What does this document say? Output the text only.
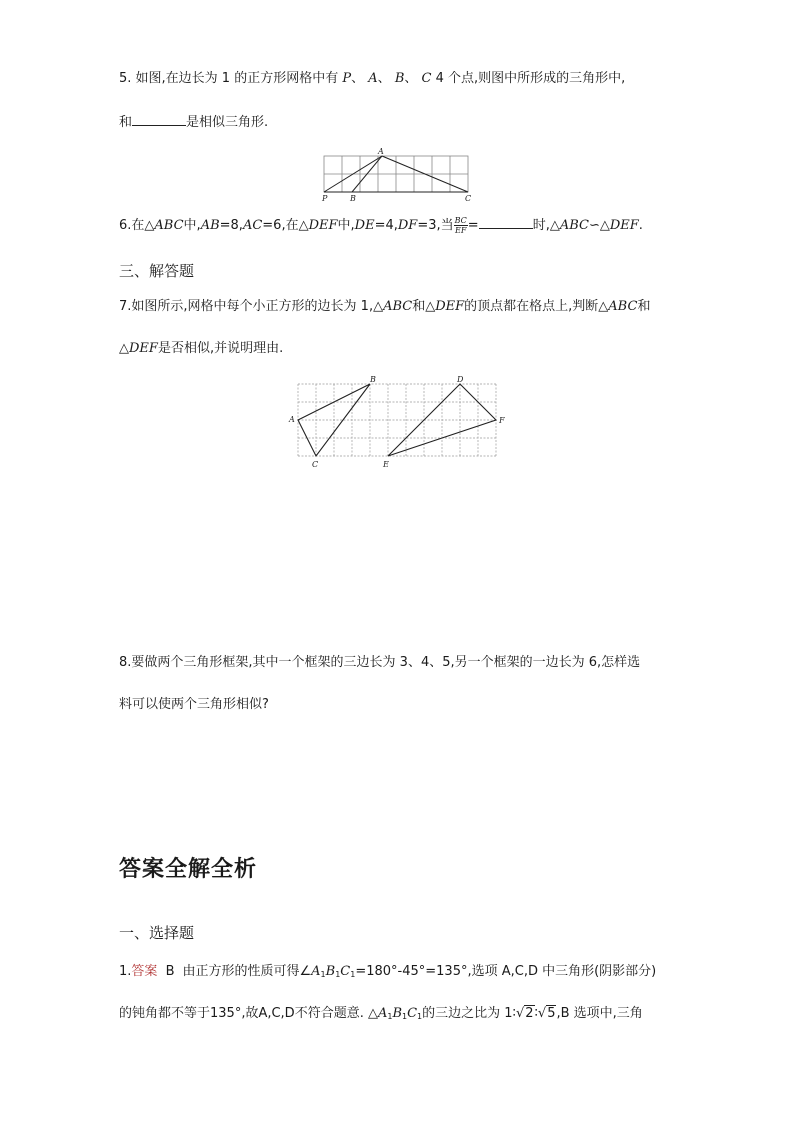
5. 如图,在边长为 1 的正方形网格中有 P、 A、 B、 C 4 个点,则图中所形成的三角形中,
和	是相似三角形.
A
P	B	C
6.在△ABC中,AB=8,AC=6,在△DEF中,DE=4,DF=3,当 $\frac{BC}{EF}$ =	时,△ABC∽△DEF.
三、解答题
7.如图所示,网格中每个小正方形的边长为 1,△ABC和△DEF的顶点都在格点上,判断△ABC和
△DEF是否相似,并说明理由.
A
B
C
D
E
F
8.要做两个三角形框架,其中一个框架的三边长为 3、4、5,另一个框架的一边长为 6,怎样选
料可以使两个三角形相似?
答案全解全析
一、选择题
1.答案 B 由正方形的性质可得$\angle A_1B_1C_1=180^\circ-45^\circ=135^\circ$,选项 A,C,D 中三角形(阴影部分)
的钝角都不等于135°,故A,C,D不符合题意. $\triangle A_1B_1C_1$的三边之比为 1∶√2∶√5,B 选项中,三角
